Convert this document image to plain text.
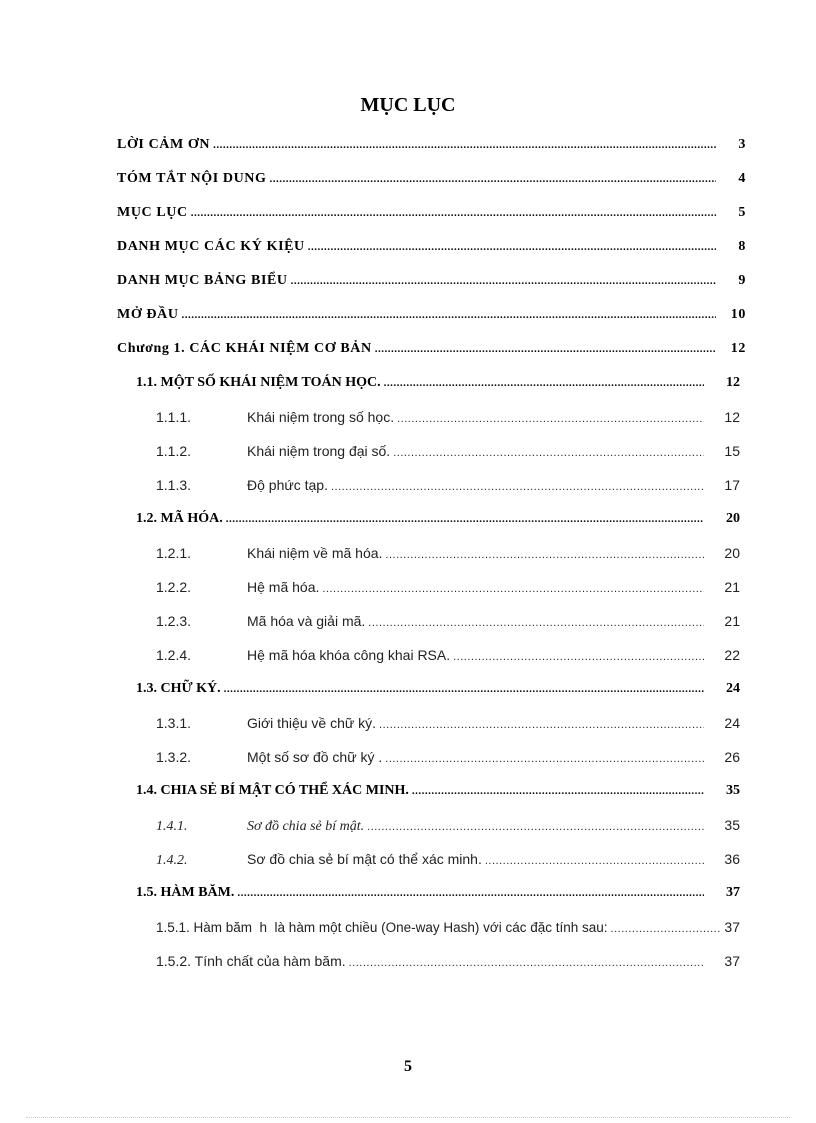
MỤC LỤC
LỜI CẢM ƠN .....	3
TÓM TẮT NỘI DUNG .....	4
MỤC LỤC .....	5
DANH MỤC CÁC KÝ KIỆU .....	8
DANH MỤC BẢNG BIỂU .....	9
MỞ ĐẦU .....	10
Chương 1. CÁC KHÁI NIỆM CƠ BẢN .....	12
1.1. MỘT SỐ KHÁI NIỆM TOÁN HỌC. .....	12
1.1.1.	Khái niệm trong số học. .....	12
1.1.2.	Khái niệm trong đại số. .....	15
1.1.3.	Độ phức tạp. .....	17
1.2. MÃ HÓA. .....	20
1.2.1.	Khái niệm về mã hóa. .....	20
1.2.2.	Hệ mã hóa. .....	21
1.2.3.	Mã hóa và giải mã. .....	21
1.2.4.	Hệ mã hóa khóa công khai RSA. .....	22
1.3. CHỮ KÝ. .....	24
1.3.1.	Giới thiệu về chữ ký. .....	24
1.3.2.	Một số sơ đồ chữ ký . .....	26
1.4. CHIA SẺ BÍ MẬT CÓ THỂ XÁC MINH. .....	35
1.4.1.	Sơ đồ chia sẻ bí mật. .....	35
1.4.2.	Sơ đồ chia sẻ bí mật có thể xác minh. .....	36
1.5. HÀM BĂM. .....	37
1.5.1. Hàm băm  h  là hàm một chiều (One-way Hash) với các đặc tính sau: .....	37
1.5.2. Tính chất của hàm băm. .....	37
5
